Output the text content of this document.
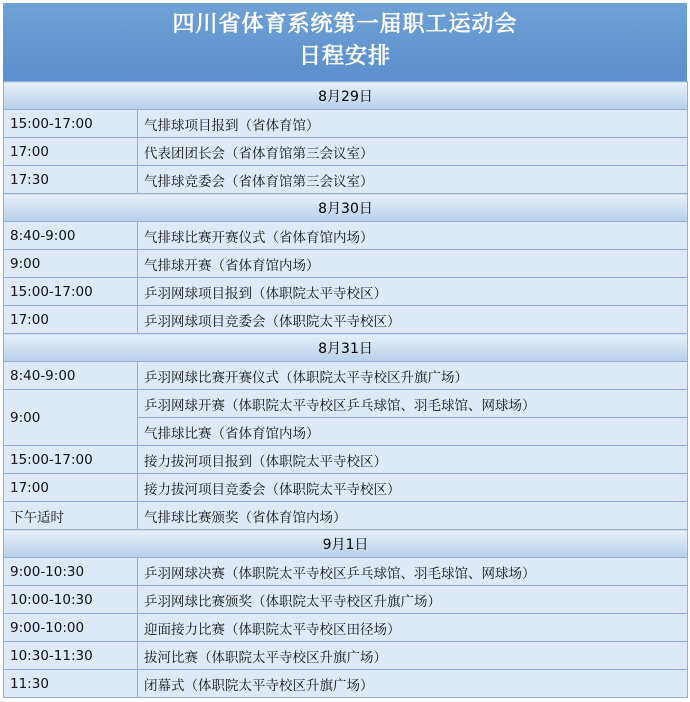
四川省体育系统第一届职工运动会
日程安排
8月29日	
15:00-17:00	气排球项目报到（省体育馆）
17:00	代表团团长会（省体育馆第三会议室）
17:30	气排球竞委会（省体育馆第三会议室）
8月30日	
8:40-9:00	气排球比赛开赛仪式（省体育馆内场）
9:00	气排球开赛（省体育馆内场）
15:00-17:00	乒羽网球项目报到（体职院太平寺校区）
17:00	乒羽网球项目竞委会（体职院太平寺校区）
8月31日	
8:40-9:00	乒羽网球比赛开赛仪式（体职院太平寺校区升旗广场）
9:00	乒羽网球开赛（体职院太平寺校区乒乓球馆、羽毛球馆、网球场）
	气排球比赛（省体育馆内场）
15:00-17:00	接力拔河项目报到（体职院太平寺校区）
17:00	接力拔河项目竞委会（体职院太平寺校区）
下午适时	气排球比赛颁奖（省体育馆内场）
9月1日	
9:00-10:30	乒羽网球决赛（体职院太平寺校区乒乓球馆、羽毛球馆、网球场）
10:00-10:30	乒羽网球比赛颁奖（体职院太平寺校区升旗广场）
9:00-10:00	迎面接力比赛（体职院太平寺校区田径场）
10:30-11:30	拔河比赛（体职院太平寺校区升旗广场）
11:30	闭幕式（体职院太平寺校区升旗广场）
